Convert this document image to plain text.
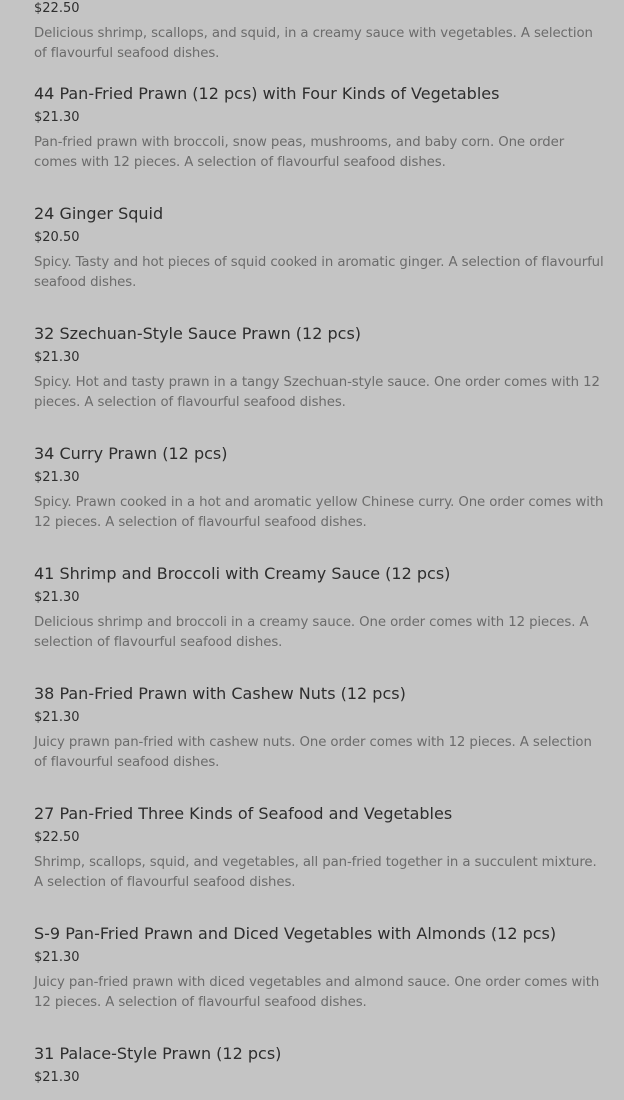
$22.50
Delicious shrimp, scallops, and squid, in a creamy sauce with vegetables. A selection of flavourful seafood dishes.
44 Pan-Fried Prawn (12 pcs) with Four Kinds of Vegetables
$21.30
Pan-fried prawn with broccoli, snow peas, mushrooms, and baby corn. One order comes with 12 pieces. A selection of flavourful seafood dishes.
24 Ginger Squid
$20.50
Spicy. Tasty and hot pieces of squid cooked in aromatic ginger. A selection of flavourful seafood dishes.
32 Szechuan-Style Sauce Prawn (12 pcs)
$21.30
Spicy. Hot and tasty prawn in a tangy Szechuan-style sauce. One order comes with 12 pieces. A selection of flavourful seafood dishes.
34 Curry Prawn (12 pcs)
$21.30
Spicy. Prawn cooked in a hot and aromatic yellow Chinese curry. One order comes with 12 pieces. A selection of flavourful seafood dishes.
41 Shrimp and Broccoli with Creamy Sauce (12 pcs)
$21.30
Delicious shrimp and broccoli in a creamy sauce. One order comes with 12 pieces. A selection of flavourful seafood dishes.
38 Pan-Fried Prawn with Cashew Nuts (12 pcs)
$21.30
Juicy prawn pan-fried with cashew nuts. One order comes with 12 pieces. A selection of flavourful seafood dishes.
27 Pan-Fried Three Kinds of Seafood and Vegetables
$22.50
Shrimp, scallops, squid, and vegetables, all pan-fried together in a succulent mixture. A selection of flavourful seafood dishes.
S-9 Pan-Fried Prawn and Diced Vegetables with Almonds (12 pcs)
$21.30
Juicy pan-fried prawn with diced vegetables and almond sauce. One order comes with 12 pieces. A selection of flavourful seafood dishes.
31 Palace-Style Prawn (12 pcs)
$21.30
